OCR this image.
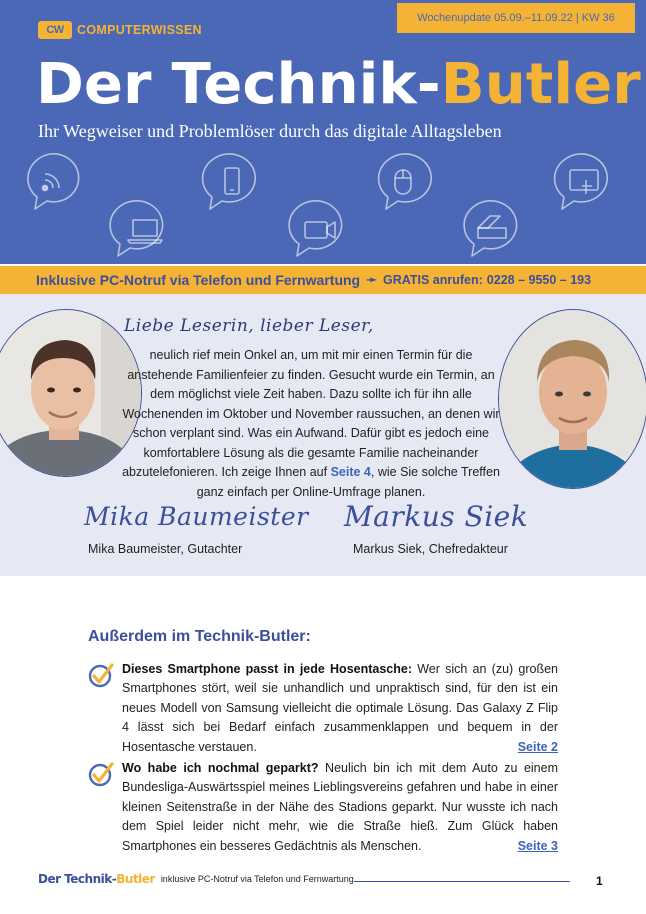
CW	COMPUTERWISSEN
Wochenupdate 05.09.–11.09.22 | KW 36
Der Technik-Butler
Ihr Wegweiser und Problemlöser durch das digitale Alltagsleben
Inklusive PC-Notruf via Telefon und Fernwartung ➛ GRATIS anrufen: 0228 – 9550 – 193
Liebe Leserin, lieber Leser,
neulich rief mein Onkel an, um mit mir einen Termin für die anstehende Familienfeier zu finden. Gesucht wurde ein Termin, an dem möglichst viele Zeit haben. Dazu sollte ich für ihn alle Wochenenden im Oktober und November raussuchen, an denen wir schon verplant sind. Was ein Aufwand. Dafür gibt es jedoch eine komfortablere Lösung als die gesamte Familie nacheinander abzutelefonieren. Ich zeige Ihnen auf Seite 4, wie Sie solche Treffen ganz einfach per Online-Umfrage planen.
Mika Baumeister Markus Siek
Mika Baumeister, Gutachter	Markus Siek, Chefredakteur
Außerdem im Technik-Butler:
Dieses Smartphone passt in jede Hosentasche: Wer sich an (zu) großen Smartphones stört, weil sie unhandlich und unpraktisch sind, für den ist ein neues Modell von Samsung vielleicht die optimale Lösung. Das Galaxy Z Flip 4 lässt sich bei Bedarf einfach zusammenklappen und bequem in der Hosentasche verstauen.	Seite 2
Wo habe ich nochmal geparkt? Neulich bin ich mit dem Auto zu einem Bundesliga-Auswärtsspiel meines Lieblingsvereins gefahren und habe in einer kleinen Seitenstraße in der Nähe des Stadions geparkt. Nur wusste ich nach dem Spiel leider nicht mehr, wie die Straße hieß. Zum Glück haben Smartphones ein besseres Gedächtnis als Menschen.	Seite 3
Der Technik-Butler inklusive PC-Notruf via Telefon und Fernwartung	1
